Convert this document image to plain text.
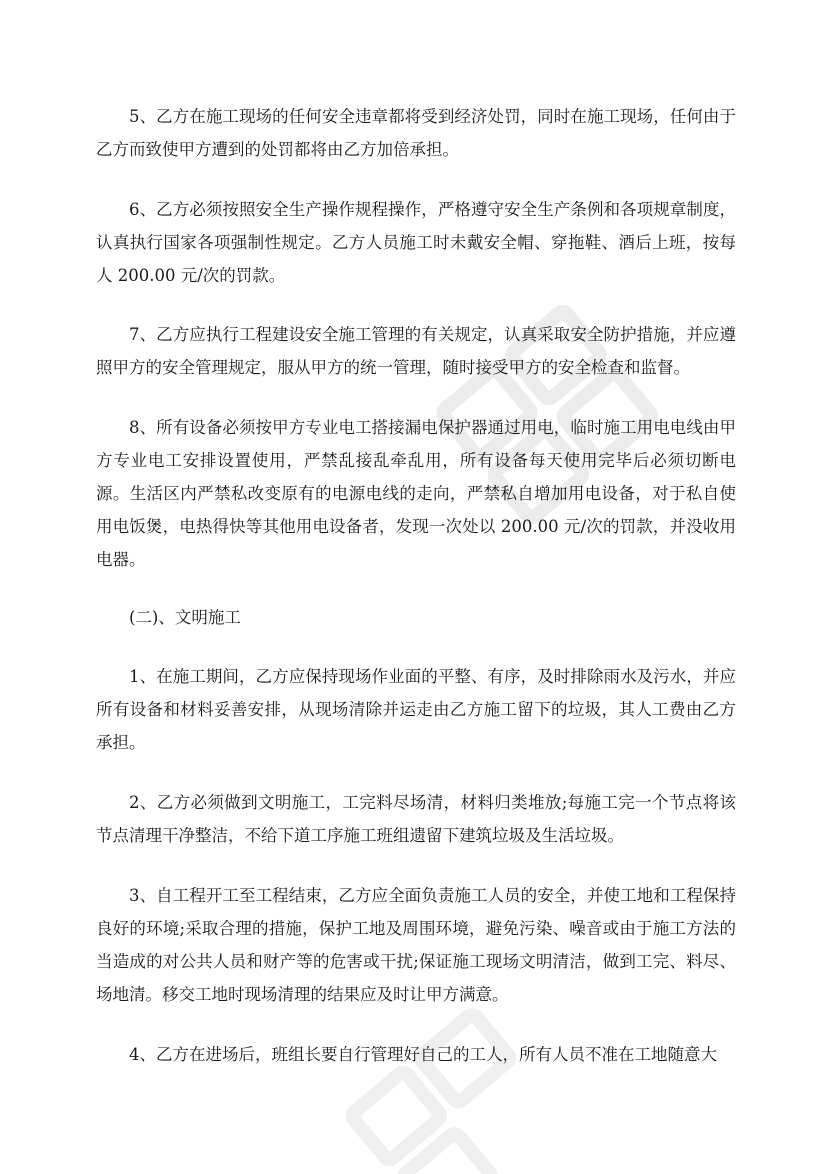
5、乙方在施工现场的任何安全违章都将受到经济处罚，同时在施工现场，任何由于乙方而致使甲方遭到的处罚都将由乙方加倍承担。

6、乙方必须按照安全生产操作规程操作，严格遵守安全生产条例和各项规章制度，认真执行国家各项强制性规定。乙方人员施工时未戴安全帽、穿拖鞋、酒后上班，按每人 200.00 元/次的罚款。

7、乙方应执行工程建设安全施工管理的有关规定，认真采取安全防护措施，并应遵照甲方的安全管理规定，服从甲方的统一管理，随时接受甲方的安全检查和监督。

8、所有设备必须按甲方专业电工搭接漏电保护器通过用电，临时施工用电电线由甲方专业电工安排设置使用，严禁乱接乱牵乱用，所有设备每天使用完毕后必须切断电源。生活区内严禁私改变原有的电源电线的走向，严禁私自增加用电设备，对于私自使用电饭煲，电热得快等其他用电设备者，发现一次处以 200.00 元/次的罚款，并没收用电器。

(二)、文明施工

1、在施工期间，乙方应保持现场作业面的平整、有序，及时排除雨水及污水，并应所有设备和材料妥善安排，从现场清除并运走由乙方施工留下的垃圾，其人工费由乙方承担。

2、乙方必须做到文明施工，工完料尽场清，材料归类堆放;每施工完一个节点将该节点清理干净整洁，不给下道工序施工班组遗留下建筑垃圾及生活垃圾。

3、自工程开工至工程结束，乙方应全面负责施工人员的安全，并使工地和工程保持良好的环境;采取合理的措施，保护工地及周围环境，避免污染、噪音或由于施工方法的当造成的对公共人员和财产等的危害或干扰;保证施工现场文明清洁，做到工完、料尽、场地清。移交工地时现场清理的结果应及时让甲方满意。

4、乙方在进场后，班组长要自行管理好自己的工人，所有人员不准在工地随意大
